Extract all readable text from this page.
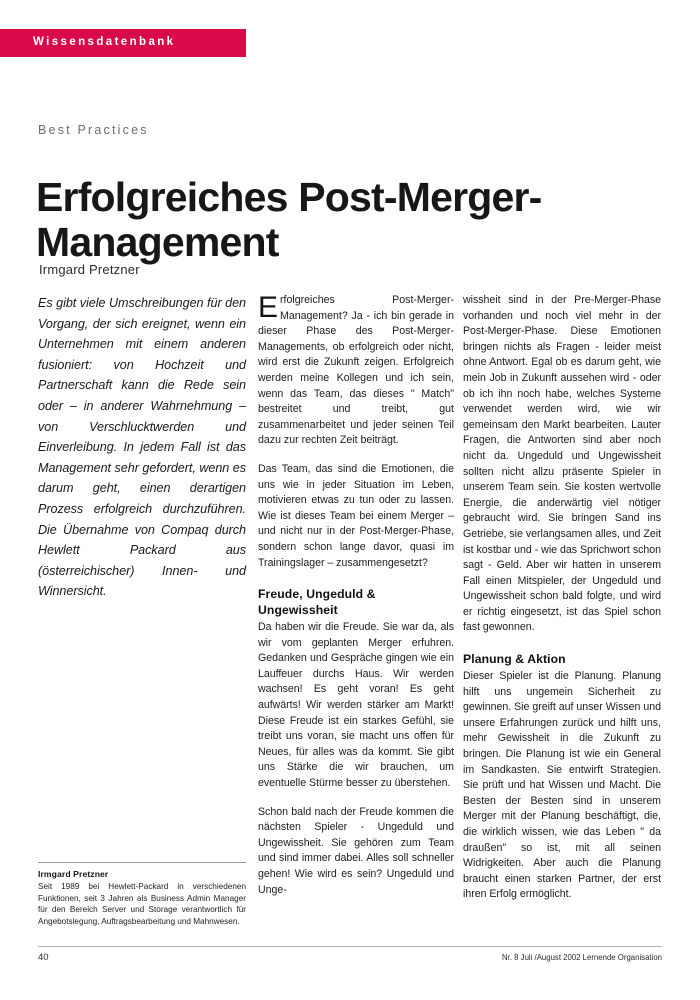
Wissensdatenbank
Best Practices
Erfolgreiches Post-Merger-Management
Irmgard Pretzner

Es gibt viele Umschreibungen für den Vorgang, der sich ereignet, wenn ein Unternehmen mit einem anderen fusioniert: von Hochzeit und Partnerschaft kann die Rede sein oder – in anderer Wahrnehmung – von Verschlucktwerden und Einverleibung. In jedem Fall ist das Management sehr gefordert, wenn es darum geht, einen derartigen Prozess erfolgreich durchzuführen. Die Übernahme von Compaq durch Hewlett Packard aus (österreichischer) Innen- und Winnersicht.

Erfolgreiches Post-Merger-Management? Ja - ich bin gerade in dieser Phase des Post-Merger-Managements, ob erfolgreich oder nicht, wird erst die Zukunft zeigen. Erfolgreich werden meine Kollegen und ich sein, wenn das Team, das dieses " Match" bestreitet und treibt, gut zusammenarbeitet und jeder seinen Teil dazu zur rechten Zeit beiträgt.

Das Team, das sind die Emotionen, die uns wie in jeder Situation im Leben, motivieren etwas zu tun oder zu lassen. Wie ist dieses Team bei einem Merger – und nicht nur in der Post-Merger-Phase, sondern schon lange davor, quasi im Trainingslager – zusammengesetzt?

Freude, Ungeduld & Ungewissheit

Da haben wir die Freude. Sie war da, als wir vom geplanten Merger erfuhren. Gedanken und Gespräche gingen wie ein Lauffeuer durchs Haus. Wir werden wachsen! Es geht voran! Es geht aufwärts! Wir werden stärker am Markt! Diese Freude ist ein starkes Gefühl, sie treibt uns voran, sie macht uns offen für Neues, für alles was da kommt. Sie gibt uns Stärke die wir brauchen, um eventuelle Stürme besser zu überstehen.

Schon bald nach der Freude kommen die nächsten Spieler - Ungeduld und Ungewissheit. Sie gehören zum Team und sind immer dabei. Alles soll schneller gehen! Wie wird es sein? Ungeduld und Unge-

wissheit sind in der Pre-Merger-Phase vorhanden und noch viel mehr in der Post-Merger-Phase. Diese Emotionen bringen nichts als Fragen - leider meist ohne Antwort. Egal ob es darum geht, wie mein Job in Zukunft aussehen wird - oder ob ich ihn noch habe, welches Systeme verwendet werden wird, wie wir gemeinsam den Markt bearbeiten. Lauter Fragen, die Antworten sind aber noch nicht da. Ungeduld und Ungewissheit sollten nicht allzu präsente Spieler in unserem Team sein. Sie kosten wertvolle Energie, die anderwärtig viel nötiger gebraucht wird. Sie bringen Sand ins Getriebe, sie verlangsamen alles, und Zeit ist kostbar und - wie das Sprichwort schon sagt - Geld. Aber wir hatten in unserem Fall einen Mitspieler, der Ungeduld und Ungewissheit schon bald folgte, und wird er richtig eingesetzt, ist das Spiel schon fast gewonnen.

Planung & Aktion

Dieser Spieler ist die Planung. Planung hilft uns ungemein Sicherheit zu gewinnen. Sie greift auf unser Wissen und unsere Erfahrungen zurück und hilft uns, mehr Gewissheit in die Zukunft zu bringen. Die Planung ist wie ein General im Sandkasten. Sie entwirft Strategien. Sie prüft und hat Wissen und Macht. Die Besten der Besten sind in unserem Merger mit der Planung beschäftigt, die, die wirklich wissen, wie das Leben " da draußen" so ist, mit all seinen Widrigkeiten. Aber auch die Planung braucht einen starken Partner, der erst ihren Erfolg ermöglicht.

Irmgard Pretzner

Seit 1989 bei Hewlett-Packard in verschiedenen Funktionen, seit 3 Jahren als Business Admin Manager für den Bereich Server und Storage verantwortlich für Angebotslegung, Auftragsbearbeitung und Mahnwesen.

40	Nr. 8 Juli /August 2002 Lernende Organisation
